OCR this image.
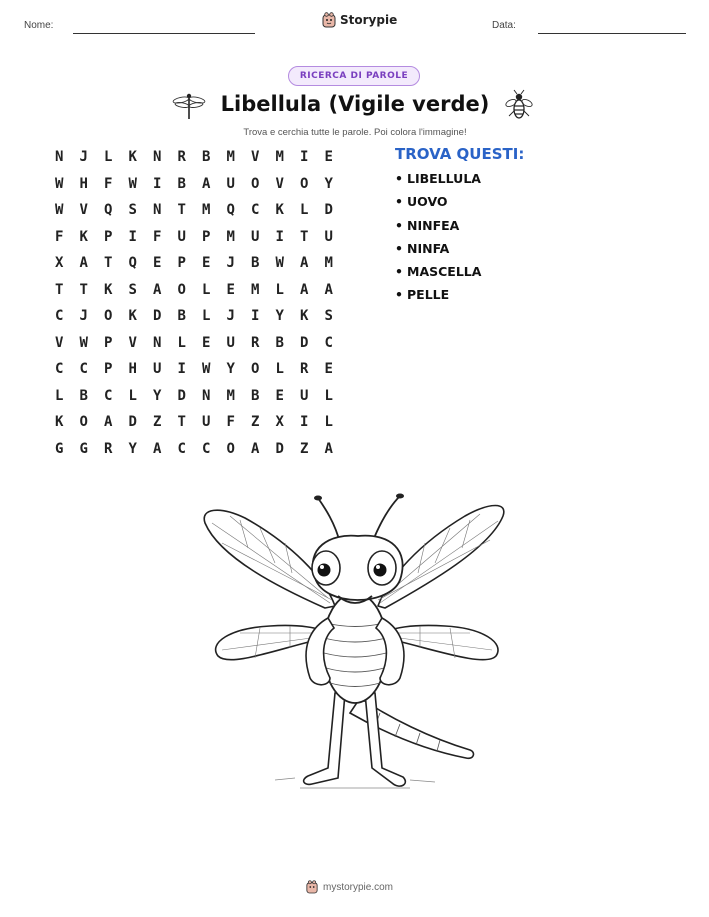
Nome:	Storypie	Data:
RICERCA DI PAROLE
Libellula (Vigile verde)
Trova e cerchia tutte le parole. Poi colora l'immagine!
N	J	L	K	N	R	B	M	V	M	I	E
W	H	F	W	I	B	A	U	O	V	O	Y
W	V	Q	S	N	T	M	Q	C	K	L	D
F	K	P	I	F	U	P	M	U	I	T	U
X	A	T	Q	E	P	E	J	B	W	A	M
T	T	K	S	A	O	L	E	M	L	A	A
C	J	O	K	D	B	L	J	I	Y	K	S
V	W	P	V	N	L	E	U	R	B	D	C
C	C	P	H	U	I	W	Y	O	L	R	E
L	B	C	L	Y	D	N	M	B	E	U	L
K	O	A	D	Z	T	U	F	Z	X	I	L
G	G	R	Y	A	C	C	O	A	D	Z	A
TROVA QUESTI:
• LIBELLULA
• UOVO
• NINFEA
• NINFA
• MASCELLA
• PELLE
mystorypie.com
